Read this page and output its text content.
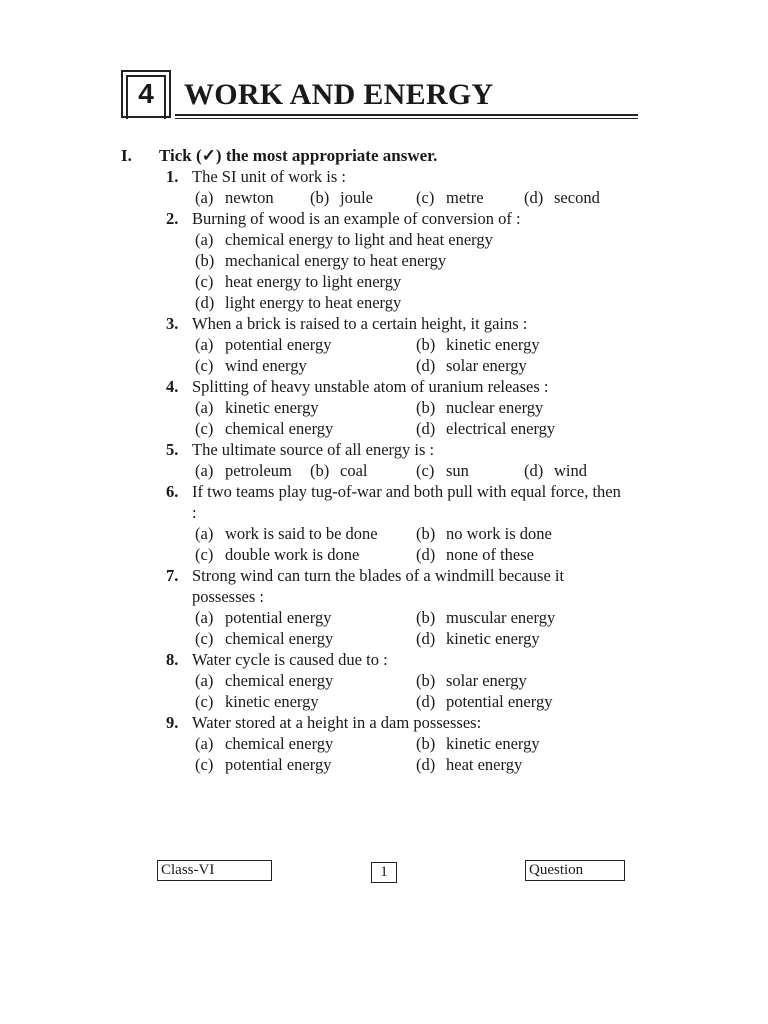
4	WORK AND ENERGY
I. Tick (✓) the most appropriate answer.
1. The SI unit of work is :
(a) newton (b) joule	(c) metre (d) second
2. Burning of wood is an example of conversion of :
(a) chemical energy to light and heat energy
(b) mechanical energy to heat energy
(c) heat energy to light energy
(d) light energy to heat energy
3. When a brick is raised to a certain height, it gains :
(a) potential energy	(b) kinetic energy
(c) wind energy	(d) solar energy
4. Splitting of heavy unstable atom of uranium releases :
(a) kinetic energy	(b) nuclear energy
(c) chemical energy	(d) electrical energy
5. The ultimate source of all energy is :
(a) petroleum (b) coal	(c) sun	(d) wind
6. If two teams play tug-of-war and both pull with equal force, then :
(a) work is said to be done (b) no work is done
(c) double work is done	(d) none of these
7. Strong wind can turn the blades of a windmill because it possesses :
(a) potential energy	(b) muscular energy
(c) chemical energy	(d) kinetic energy
8. Water cycle is caused due to :
(a) chemical energy	(b) solar energy
(c) kinetic energy	(d) potential energy
9. Water stored at a height in a dam possesses:
(a) chemical energy	(b) kinetic energy
(c) potential energy	(d) heat energy
Class-VI	1	Question
